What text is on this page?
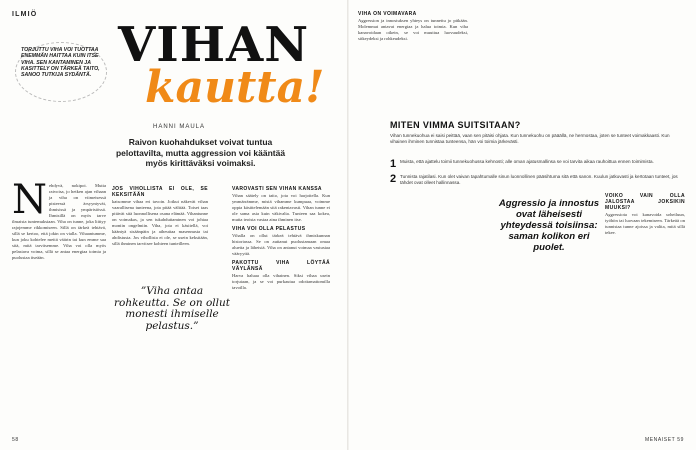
ILMIÖ
TORJUTTU VIHA VOI TUOTTAA ENEMMÄN HAITTAA KUIN ITSE VIHA. SEN KANTAMINEN JA KASITTELY ON TÄRKEÄ TAITO, SANOO TUTKIJA SYDÄNTÄ.
VIHAN
kautta!
HANNI MAULA
Raivon kuohahdukset voivat tuntua pelottavilta, mutta aggression voi kääntää myös kirittäväksi voimaksi.
N ehdyvä, nokipoi. Mutta raivoisa, jo hetken ajan vihaan ja viha on viimeisessä pisteessä ärsyyntyvät, ihmisissä ja ympäristössä. Ihmisillä on myös tarve ilmaista tuntemuksiaan. Viha on tunne, joka liittyy rajojemme rikkomiseen. Sillä on tärkeä tehtävä, sillä se kertoo, että jokin on vialla. Vihaantumme, kun joku kohtelee meitä väärin tai kun emme saa sitä, mitä tarvitsemme. Viha voi olla myös pelastava voima, sillä se antaa energiaa toimia ja puolustaa itseään.
JOS VIHOLLISTA EI OLE, SE KEKSITÄÄN
katsomme vihaa eri tavoin. Jotkut näkevät vihan vaarallisena tunteena, jota pitää välttää. Toiset taas pitävät sitä luonnollisena osana elämää. Vihantunne on voimakas, ja sen tukahduttaminen voi johtaa moniin ongelmiin. Viha, jota ei käsitellä, voi kääntyä sisäänpäin ja aiheuttaa masennusta tai ahdistusta. Jos vihollista ei ole, se usein keksitään, sillä ihminen tarvitsee kohteen tunteilleen.
”Viha antaa rohkeutta. Se on ollut monesti ihmiselle pelastus.”
VAROVASTI SEN VIHAN KANSSA
Vihan säätely on taito, jota voi harjoitella. Kun ymmärrämme, mistä vihamme kumpuaa, voimme oppia käsittelemään sitä rakentavasti. Vihan tunne ei ole sama asia kuin väkivalta. Tunteen saa kokea, mutta teoista vastaa aina ihminen itse.
VIHA VOI OLLA PELASTUS
Vihalla on ollut tärkeä tehtävä ihmiskunnan historiassa. Se on auttanut puolustamaan omaa aluetta ja läheisiä. Viha on antanut voimaa vastustaa vääryyttä.
PAKOTTU VIHA LÖYTÄÄ VÄYLÄNSÄ
Harva haluaa olla vihainen. Siksi vihaa usein torjutaan, ja se voi purkautua odottamattomilla tavoilla.
VIHA ON VOIMAVARA
Aggression ja innostuksen yhteys on tunnettu jo pitkään. Molemmat antavat energiaa ja halua toimia. Kun viha kanavoidaan oikein, se voi muuttua luovuudeksi, sitkeydeksi ja rohkeudeksi.
MITEN VIMMA SUITSITAAN?
Vihan tunnekuohua ei saisi peittää, vaan sen pitäisi ohjata. Kun tunnekuohu on pääällä, ne hermostaa, joten se tunteet voimakkaasti. Kun vihainen ihminen tunnistaa tunteensa, hän voi toimia järkevästi.
1 Muista, että ajattelu toimii tunnekuohussa kehnosti; alle oman ajatusmallinsa se voi tarvita aikaa rauhoittua ennen toimimista.
2 Tunnista rajatilasi. Kun olet vaivan tapahtumalle sinun luonnollinen pääsihtuma sitä että sanon. Kuulun jatkuvasti ja kertotaan tunteet, jos tähdet ovat olleet hallinnassa.
Aggressio ja innostus ovat läheisesti yhteydessä toisiinsa: saman kolikon eri puolet.
VOIKO VAIN OLLA JALOSTAA JOKSIKIN MUUKSI?
Aggressiota voi kanavoida urheiluun, työhön tai luovaan tekemiseen. Tärkeää on tunnistaa tunne ajoissa ja valita, mitä sillä tekee.
58	MENAISET 59
